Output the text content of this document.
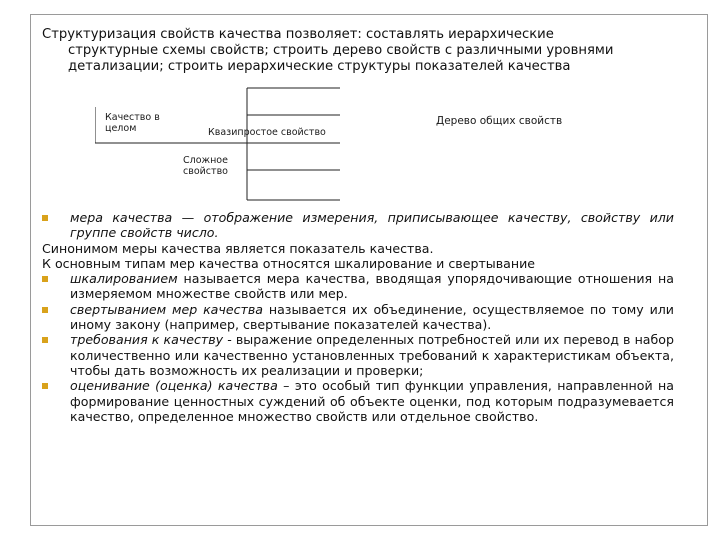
Структуризация свойств качества позволяет: составлять иерархические
структурные схемы свойств; строить дерево свойств с различными уровнями
детализации; строить иерархические структуры показателей качества

Качество в целом	Квазипростое свойство
Сложное свойство
Дерево общих свойств
мера качества — отображение измерения, приписывающее качеству, свойству или группе свойств число.
Синонимом меры качества является показатель качества.
К основным типам мер качества относятся шкалирование и свертывание
шкалированием называется мера качества, вводящая упорядочивающие отношения на измеряемом множестве свойств или мер.
свертыванием мер качества называется их объединение, осуществляемое по тому или иному закону (например, свертывание показателей качества).
требования к качеству - выражение определенных потребностей или их перевод в набор количественно или качественно установленных требований к характеристикам объекта, чтобы дать возможность их реализации и проверки;
оценивание (оценка) качества – это особый тип функции управления, направленной на формирование ценностных суждений об объекте оценки, под которым подразумевается качество, определенное множество свойств или отдельное свойство.
